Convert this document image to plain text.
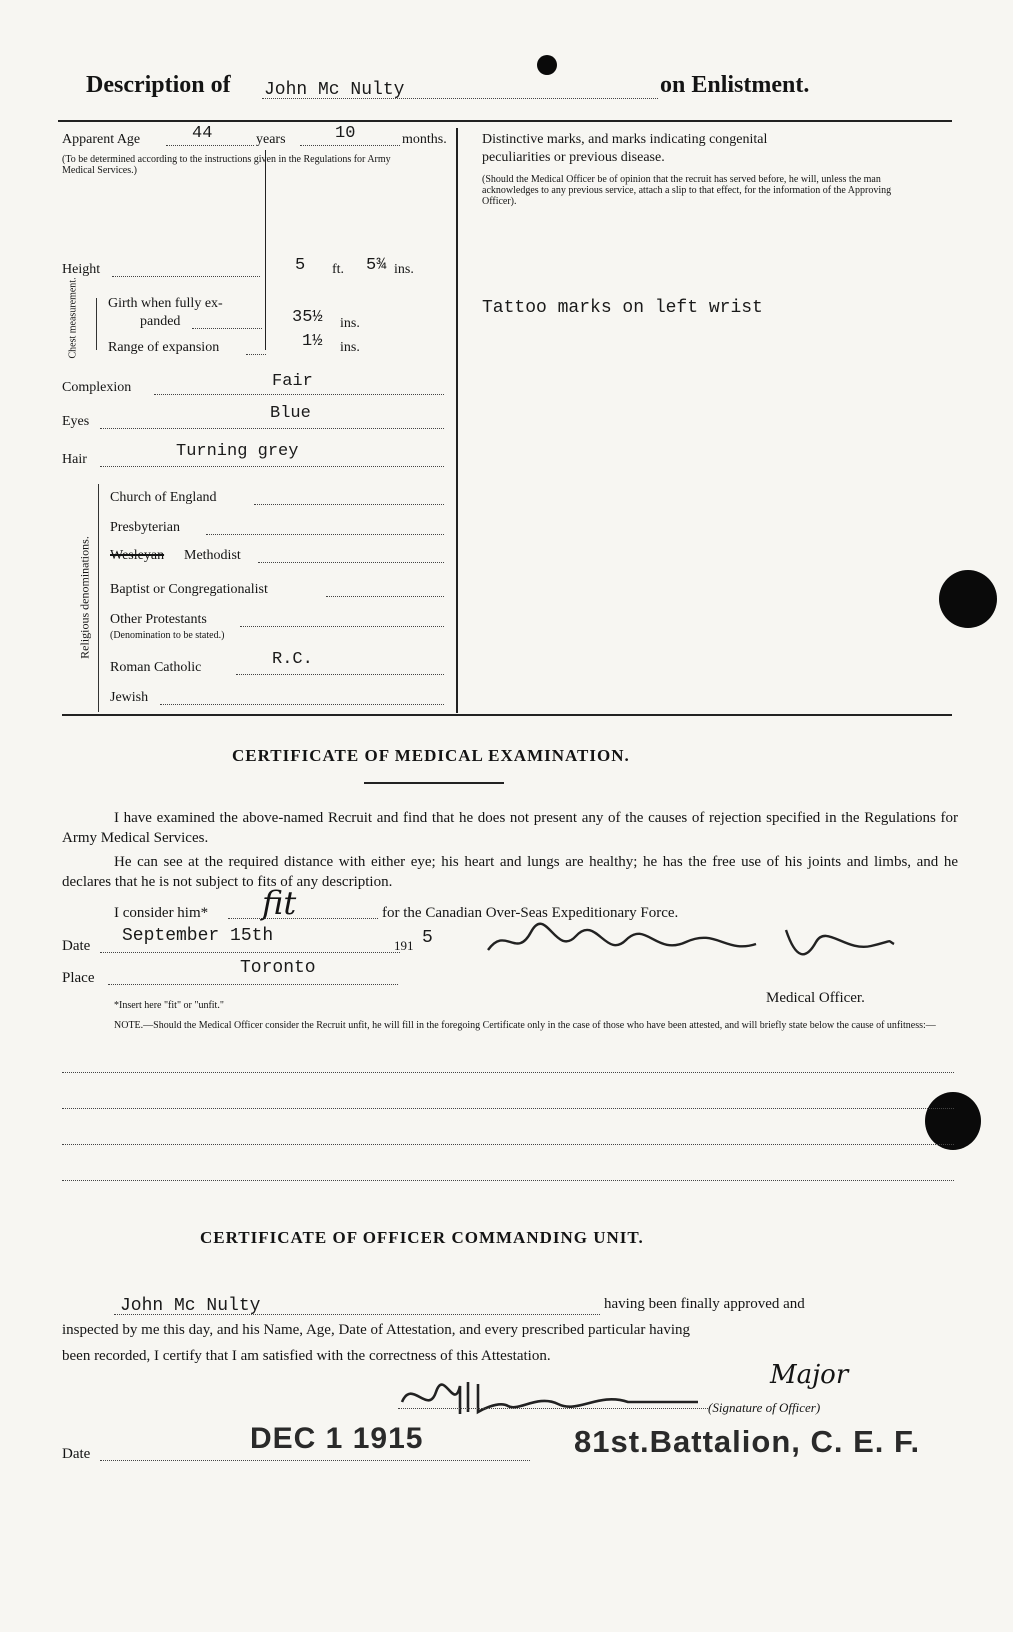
Description of John Mc Nulty	on Enlistment.
Apparent Age	44	years	10	months.
(To be determined according to the instructions given in the Regulations for Army Medical Services.)
Height	5 ft. 5¾ ins.
Chest measurement. Girth when fully ex-
panded	35½ ins.
Range of expansion	1½ ins.
Complexion	Fair
Eyes	Blue
Hair	Turning grey
Religious denominations.
Church of England
Presbyterian
Wesleyan Methodist
Baptist or Congregationalist
Other Protestants
(Denomination to be stated.)
Roman Catholic	R.C.
Jewish
Distinctive marks, and marks indicating congenital
peculiarities or previous disease.
(Should the Medical Officer be of opinion that the recruit has served before, he will, unless the man acknowledges to any previous service, attach a slip to that effect, for the information of the Approving Officer).
Tattoo marks on left wrist
CERTIFICATE OF MEDICAL EXAMINATION.
I have examined the above-named Recruit and find that he does not present any of the causes of rejection specified in the Regulations for Army Medical Services.
He can see at the required distance with either eye; his heart and lungs are healthy; he has the free use of his joints and limbs, and he declares that he is not subject to fits of any description.
I consider him* fit	for the Canadian Over-Seas Expeditionary Force.
Date September 15th	191 5
Place	Toronto
*Insert here "fit" or "unfit."	Medical Officer.
NOTE.—Should the Medical Officer consider the Recruit unfit, he will fill in the foregoing Certificate only in the case of those who have been attested, and will briefly state below the cause of unfitness:—
CERTIFICATE OF OFFICER COMMANDING UNIT.
John Mc Nulty	having been finally approved and
inspected by me this day, and his Name, Age, Date of Attestation, and every prescribed particular having
been recorded, I certify that I am satisfied with the correctness of this Attestation.
Major
(Signature of Officer)
Date	DEC 1 1915	81st.Battalion, C. E. F.
